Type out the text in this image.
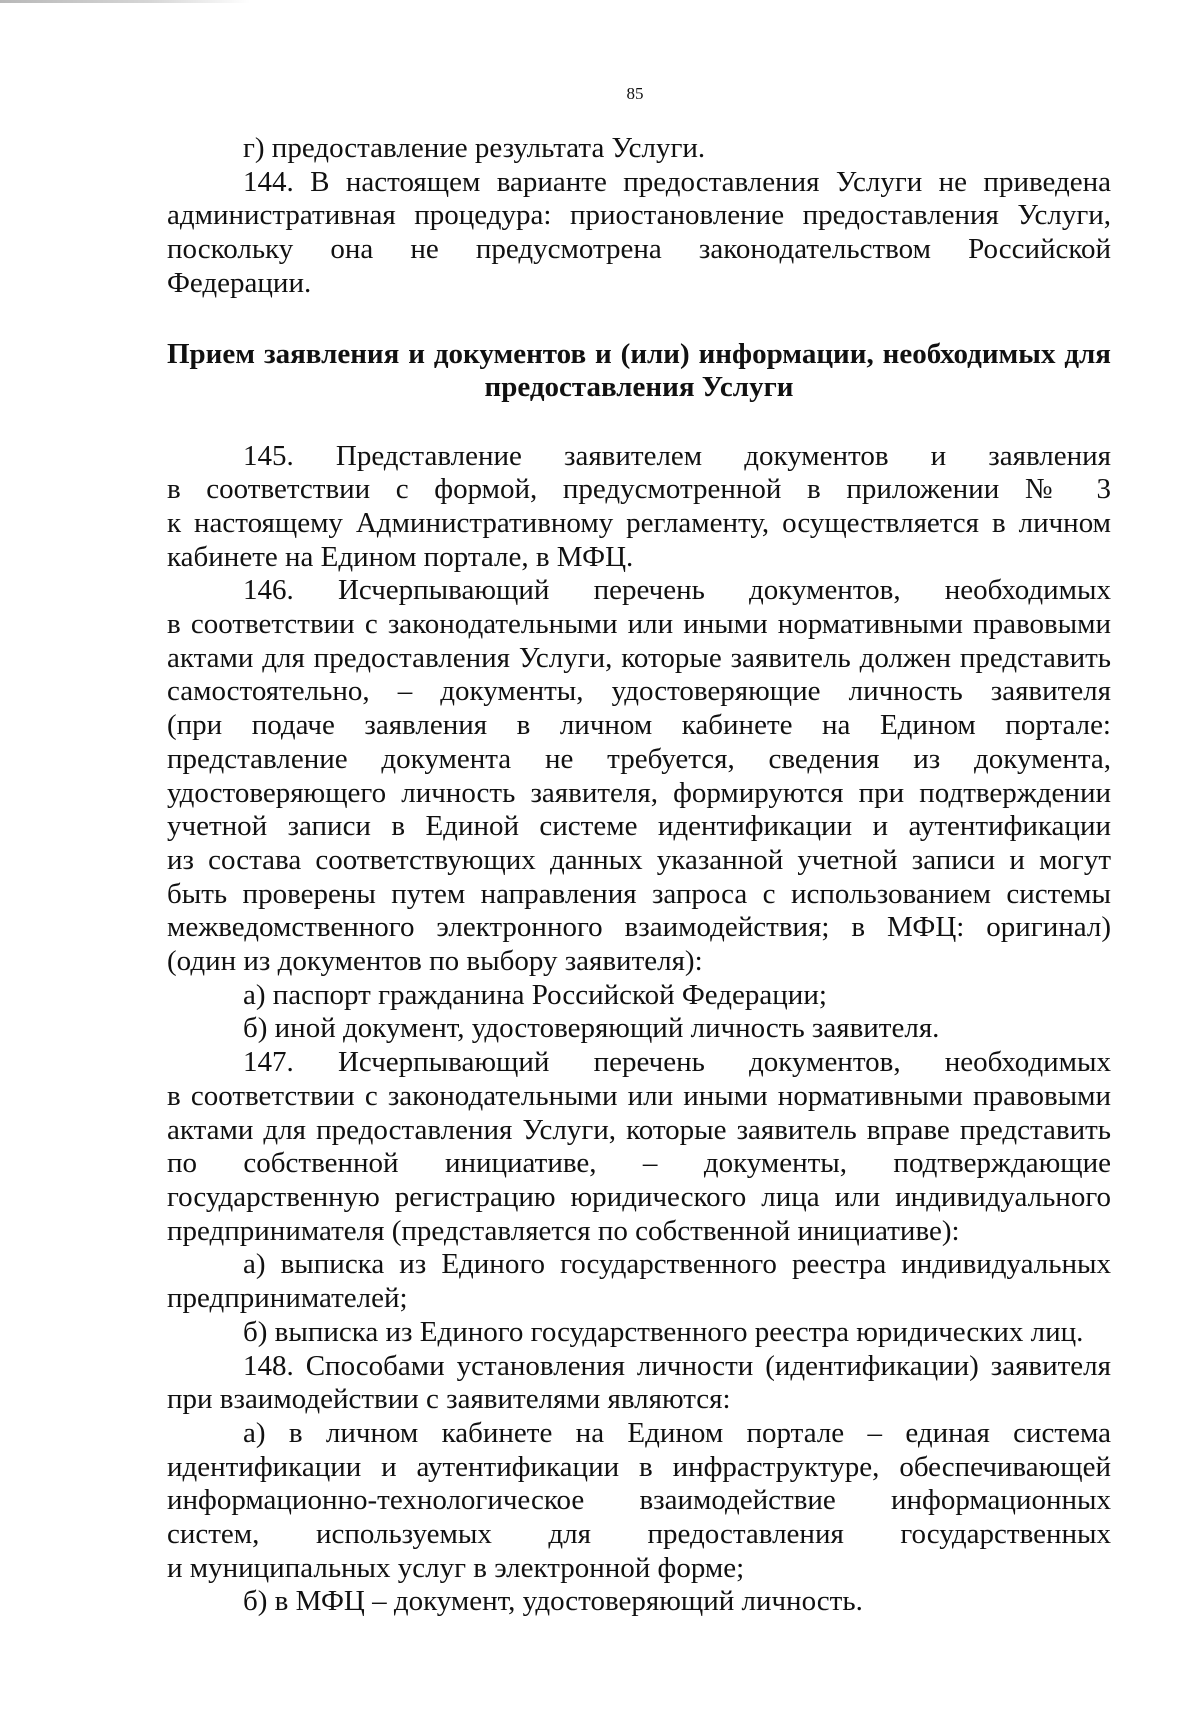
85

г) предоставление результата Услуги.

144. В настоящем варианте предоставления Услуги не приведена

административная процедура: приостановление предоставления Услуги,

поскольку она не предусмотрена законодательством Российской

Федерации.

Прием заявления и документов и (или) информации, необходимых для
предоставления Услуги

145. Представление заявителем документов и заявления

в соответствии с формой, предусмотренной в приложении № 3

к настоящему Административному регламенту, осуществляется в личном

кабинете на Едином портале, в МФЦ.

146. Исчерпывающий перечень документов, необходимых

в соответствии с законодательными или иными нормативными правовыми

актами для предоставления Услуги, которые заявитель должен представить

самостоятельно, – документы, удостоверяющие личность заявителя

(при подаче заявления в личном кабинете на Едином портале:

представление документа не требуется, сведения из документа,

удостоверяющего личность заявителя, формируются при подтверждении

учетной записи в Единой системе идентификации и аутентификации

из состава соответствующих данных указанной учетной записи и могут

быть проверены путем направления запроса с использованием системы

межведомственного электронного взаимодействия; в МФЦ: оригинал)

(один из документов по выбору заявителя):

а) паспорт гражданина Российской Федерации;

б) иной документ, удостоверяющий личность заявителя.

147. Исчерпывающий перечень документов, необходимых

в соответствии с законодательными или иными нормативными правовыми

актами для предоставления Услуги, которые заявитель вправе представить

по собственной инициативе, – документы, подтверждающие

государственную регистрацию юридического лица или индивидуального

предпринимателя (представляется по собственной инициативе):

а) выписка из Единого государственного реестра индивидуальных

предпринимателей;

б) выписка из Единого государственного реестра юридических лиц.

148. Способами установления личности (идентификации) заявителя

при взаимодействии с заявителями являются:

а) в личном кабинете на Едином портале – единая система

идентификации и аутентификации в инфраструктуре, обеспечивающей

информационно-технологическое взаимодействие информационных

систем, используемых для предоставления государственных

и муниципальных услуг в электронной форме;

б) в МФЦ – документ, удостоверяющий личность.
